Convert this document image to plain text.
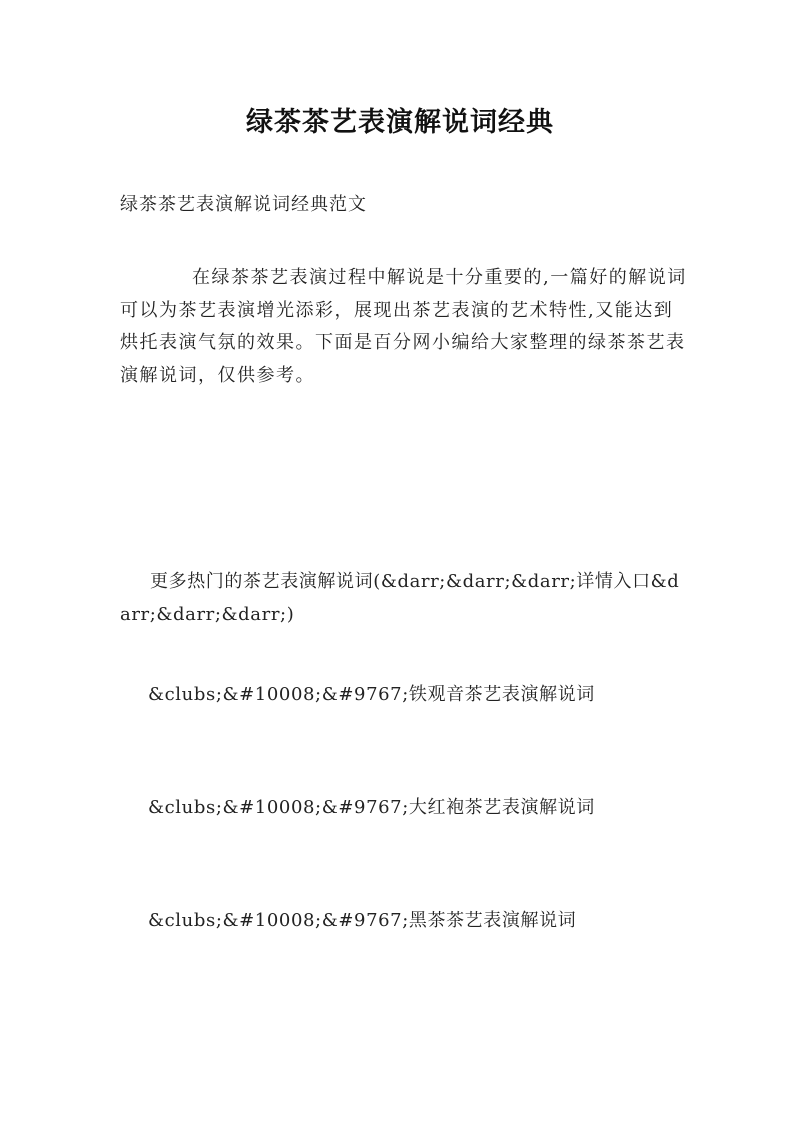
绿茶茶艺表演解说词经典

绿茶茶艺表演解说词经典范文

在绿茶茶艺表演过程中解说是十分重要的,一篇好的解说词可以为茶艺表演增光添彩，展现出茶艺表演的艺术特性,又能达到烘托表演气氛的效果。下面是百分网小编给大家整理的绿茶茶艺表演解说词，仅供参考。

更多热门的茶艺表演解说词(&darr;&darr;&darr;详情入口&darr;&darr;&darr;)

&clubs;&#10008;&#9767;铁观音茶艺表演解说词

&clubs;&#10008;&#9767;大红袍茶艺表演解说词

&clubs;&#10008;&#9767;黑茶茶艺表演解说词
